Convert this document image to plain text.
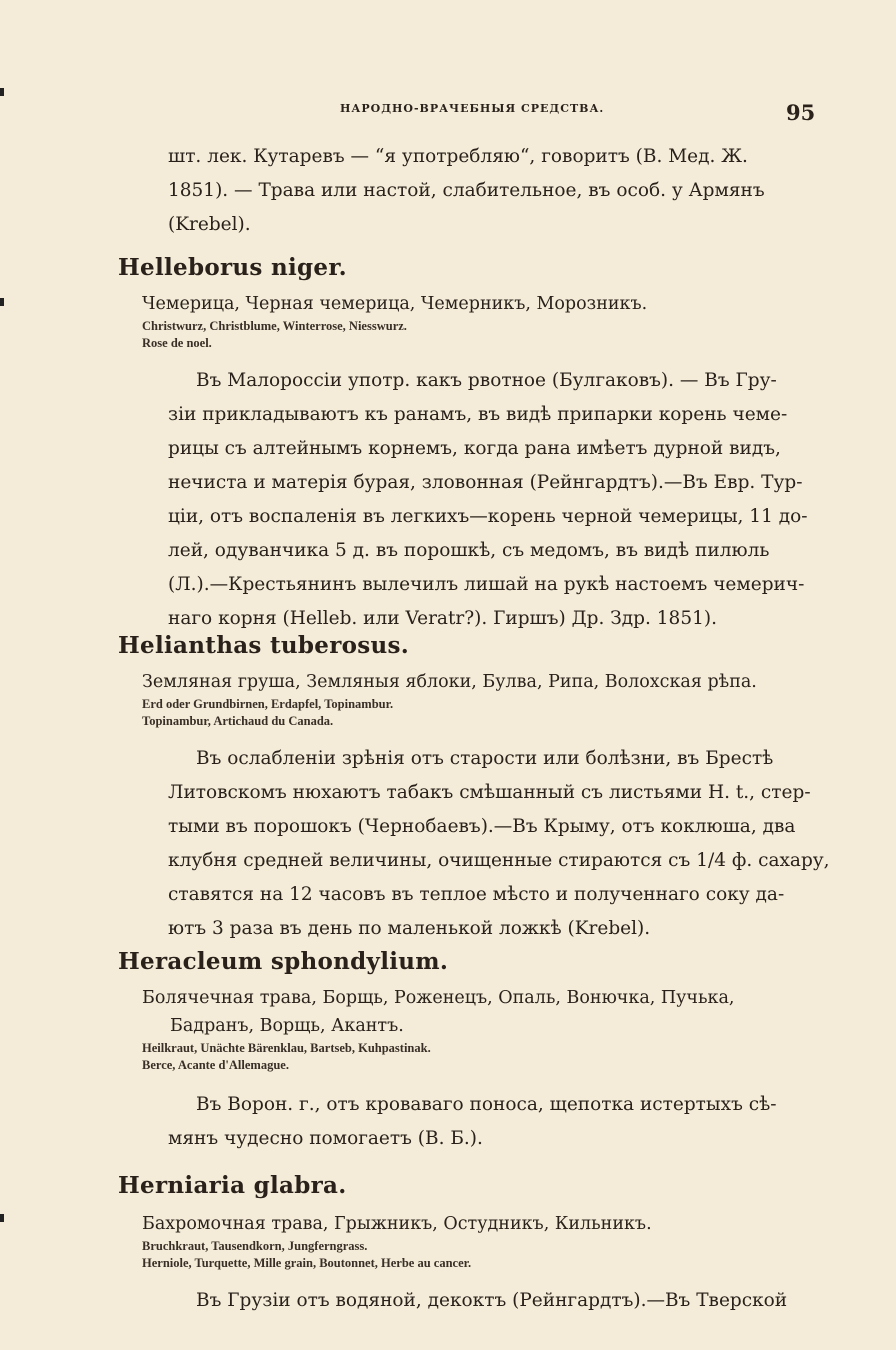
НАРОДНО-ВРАЧЕБНЫЯ СРЕДСТВА.	95

шт. лек. Кутаревъ — “я употребляю“, говоритъ (В. Мед. Ж.
1851). — Трава или настой, слабительное, въ особ. у Армянъ
(Krebel).

Helleborus niger.
Чемерица, Черная чемерица, Чемерникъ, Морозникъ.
Christwurz, Christblume, Winterrose, Niesswurz.
Rose de noel.

Въ Малороссiи употр. какъ рвотное (Булгаковъ). — Въ Гру-
зiи прикладываютъ къ ранамъ, въ видѣ припарки корень чеме-
рицы съ алтейнымъ корнемъ, когда рана имѣетъ дурной видъ,
нечиста и матерiя бурая, зловонная (Рейнгардтъ).—Въ Евр. Тур-
цiи, отъ воспаленiя въ легкихъ—корень черной чемерицы, 11 до-
лей, одуванчика 5 д. въ порошкѣ, съ медомъ, въ видѣ пилюль
(Л.).—Крестьянинъ вылечилъ лишай на рукѣ настоемъ чемерич-
наго корня (Helleb. или Veratr?). Гиршъ) Др. Здр. 1851).

Helianthas tuberosus.
Земляная груша, Земляныя яблоки, Булва, Рипа, Волохская рѣпа.
Erd oder Grundbirnen, Erdapfel, Topinambur.
Topinambur, Artichaud du Canada.

Въ ослабленiи зрѣнiя отъ старости или болѣзни, въ Брестѣ
Литовскомъ нюхаютъ табакъ смѣшанный съ листьями H. t., стер-
тыми въ порошокъ (Чернобаевъ).—Въ Крыму, отъ коклюша, два
клубня средней величины, очищенные стираются съ 1/4 ф. сахару,
ставятся на 12 часовъ въ теплое мѣсто и полученнаго соку да-
ютъ 3 раза въ день по маленькой ложкѣ (Krebel).

Heracleum sphondylium.
Болячечная трава, Борщь, Роженецъ, Опаль, Вонючка, Пучька,
Бадранъ, Ворщь, Акантъ.
Heilkraut, Unächte Bärenklau, Bartseb, Kuhpastinak.
Berce, Acante d'Allemague.

Въ Ворон. г., отъ кроваваго поноса, щепотка истертыхъ сѣ-
мянъ чудесно помогаетъ (В. Б.).

Herniaria glabra.
Бахромочная трава, Грыжникъ, Остудникъ, Кильникъ.
Bruchkraut, Tausendkorn, Jungferngrass.
Herniole, Turquette, Mille grain, Boutonnet, Herbe au cancer.

Въ Грузiи отъ водяной, декоктъ (Рейнгардтъ).—Въ Тверской
